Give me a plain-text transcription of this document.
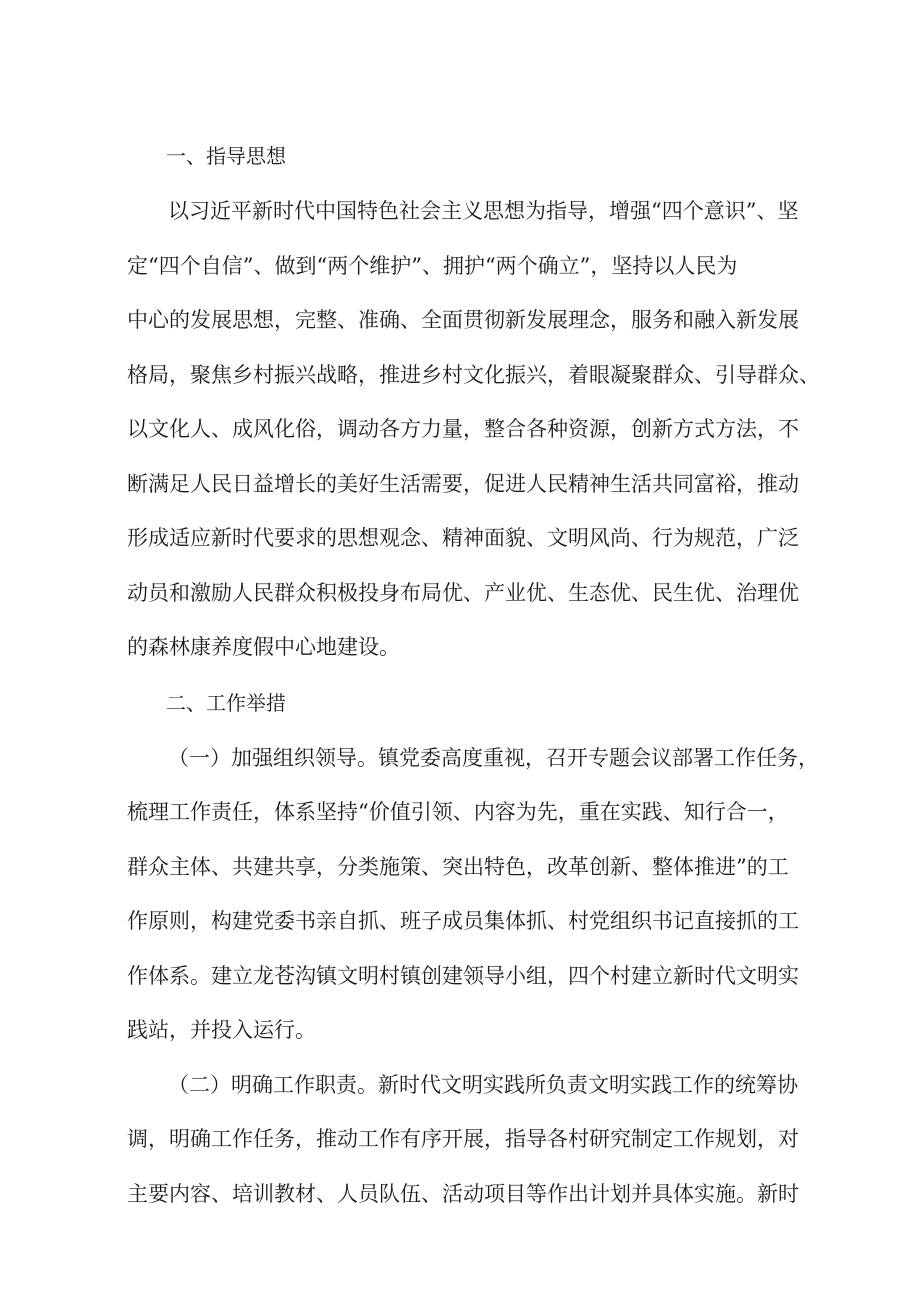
一、指导思想

以习近平新时代中国特色社会主义思想为指导，增强“四个意识”、坚

定“四个自信”、做到“两个维护”、拥护“两个确立”，坚持以人民为

中心的发展思想，完整、准确、全面贯彻新发展理念，服务和融入新发展

格局，聚焦乡村振兴战略，推进乡村文化振兴，着眼凝聚群众、引导群众、

以文化人、成风化俗，调动各方力量，整合各种资源，创新方式方法，不

断满足人民日益增长的美好生活需要，促进人民精神生活共同富裕，推动

形成适应新时代要求的思想观念、精神面貌、文明风尚、行为规范，广泛

动员和激励人民群众积极投身布局优、产业优、生态优、民生优、治理优

的森林康养度假中心地建设。

二、工作举措

（一）加强组织领导。镇党委高度重视，召开专题会议部署工作任务，

梳理工作责任，体系坚持“价值引领、内容为先，重在实践、知行合一，

群众主体、共建共享，分类施策、突出特色，改革创新、整体推进”的工

作原则，构建党委书亲自抓、班子成员集体抓、村党组织书记直接抓的工

作体系。建立龙苍沟镇文明村镇创建领导小组，四个村建立新时代文明实

践站，并投入运行。

（二）明确工作职责。新时代文明实践所负责文明实践工作的统筹协

调，明确工作任务，推动工作有序开展，指导各村研究制定工作规划，对

主要内容、培训教材、人员队伍、活动项目等作出计划并具体实施。新时
